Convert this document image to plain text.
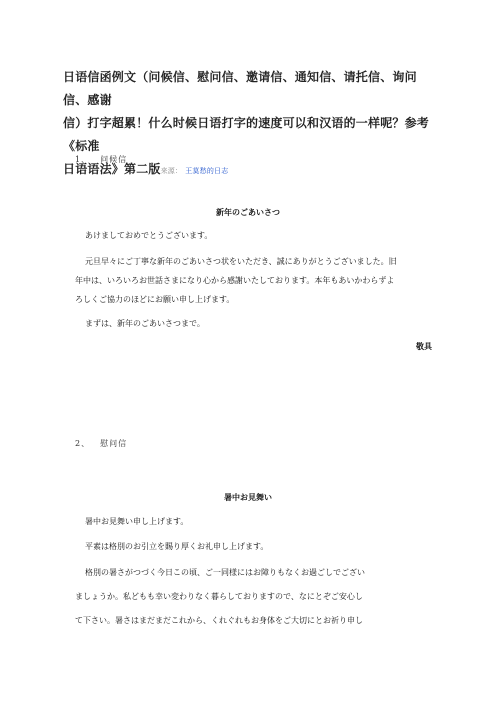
日语信函例文（问候信、慰问信、邀请信、通知信、请托信、询问信、感谢
信）打字超累！什么时候日语打字的速度可以和汉语的一样呢？参考《标准
日语语法》第二版来源： 王莫愁的日志
1、 问候信
新年のごあいさつ
あけましておめでとうございます。
元旦早々にご丁寧な新年のごあいさつ状をいただき、誠にありがとうございました。旧
年中は、いろいろお世話さまになり心から感謝いたしております。本年もあいかわらずよ
ろしくご協力のほどにお願い申し上げます。
まずは、新年のごあいさつまで。
敬具
2、 慰问信
暑中お見舞い
暑中お見舞い申し上げます。
平素は格別のお引立を賜り厚くお礼申し上げます。
格別の暑さがつづく今日この頃、ご一同様にはお障りもなくお過ごしでござい
ましょうか。私どもも幸い変わりなく暮らしておりますので、なにとぞご安心し
て下さい。暑さはまだまだこれから、くれぐれもお身体をご大切にとお祈り申し
